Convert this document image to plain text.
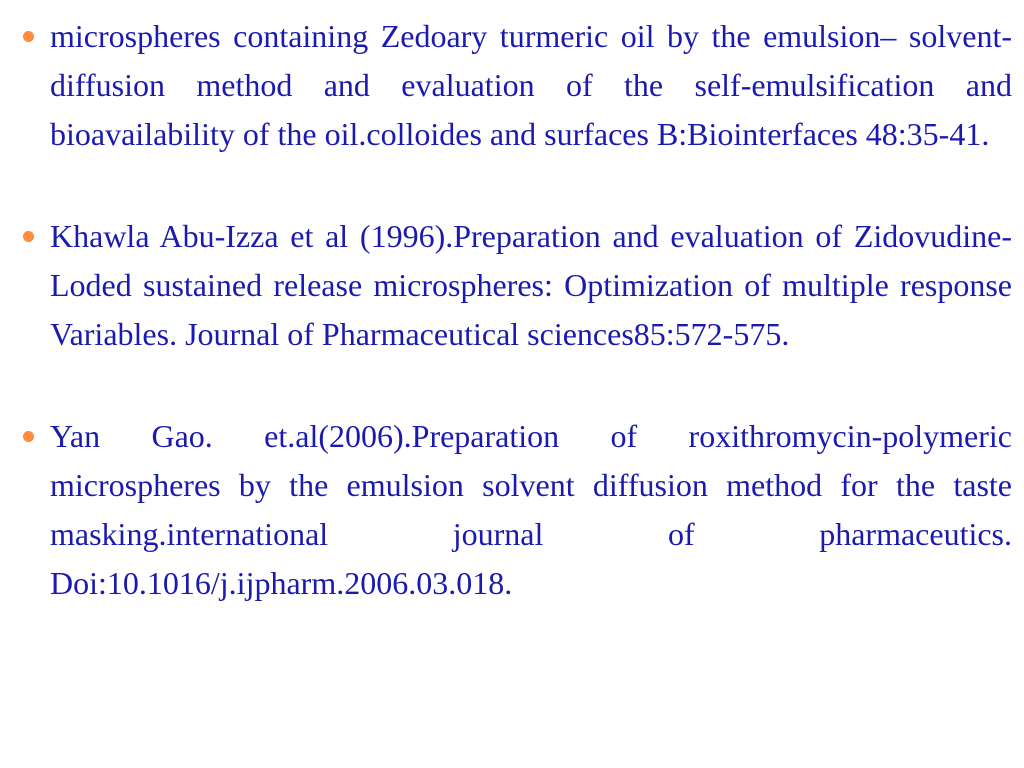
microspheres containing Zedoary turmeric oil by the emulsion– solvent-diffusion method and evaluation of the self-emulsification and bioavailability of the oil.colloides and surfaces B:Biointerfaces 48:35-41.
Khawla Abu-Izza et al (1996).Preparation and evaluation of Zidovudine- Loded sustained release microspheres: Optimization of multiple response Variables. Journal of Pharmaceutical sciences85:572-575.
Yan Gao. et.al(2006).Preparation of roxithromycin-polymeric microspheres by the emulsion solvent diffusion method for the taste masking.international journal of pharmaceutics. Doi:10.1016/j.ijpharm.2006.03.018.
